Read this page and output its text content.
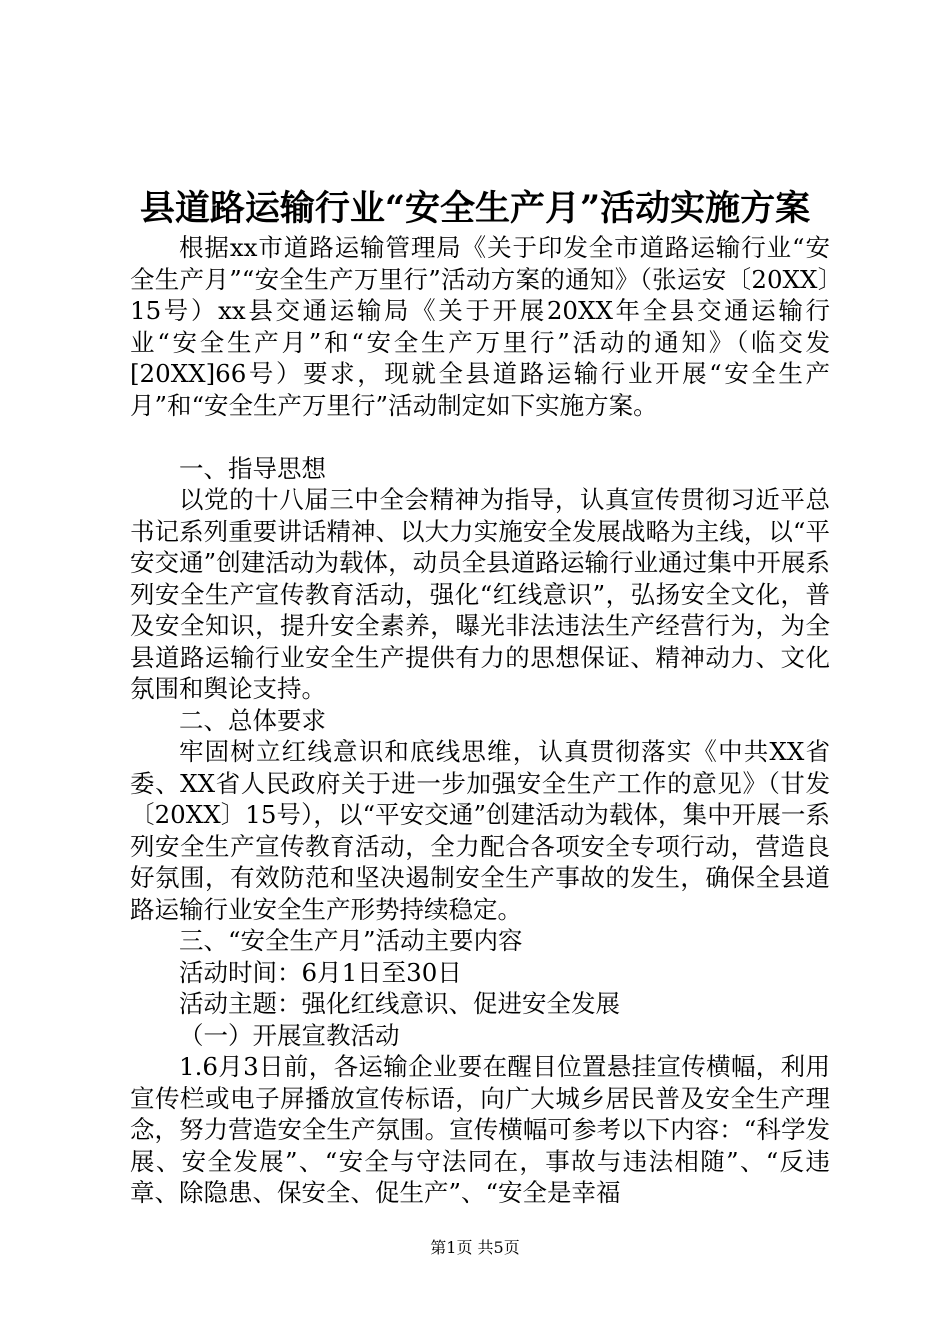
县道路运输行业“安全生产月”活动实施方案

根据xx市道路运输管理局《关于印发全市道路运输行业“安全生产月”“安全生产万里行”活动方案的通知》（张运安〔20XX〕15号）xx县交通运输局《关于开展20XX年全县交通运输行业“安全生产月”和“安全生产万里行”活动的通知》（临交发[20XX]66号）要求，现就全县道路运输行业开展“安全生产月”和“安全生产万里行”活动制定如下实施方案。

一、指导思想

以党的十八届三中全会精神为指导，认真宣传贯彻习近平总书记系列重要讲话精神、以大力实施安全发展战略为主线，以“平安交通”创建活动为载体，动员全县道路运输行业通过集中开展系列安全生产宣传教育活动，强化“红线意识”，弘扬安全文化，普及安全知识，提升安全素养，曝光非法违法生产经营行为，为全县道路运输行业安全生产提供有力的思想保证、精神动力、文化氛围和舆论支持。

二、总体要求

牢固树立红线意识和底线思维，认真贯彻落实《中共XX省委、XX省人民政府关于进一步加强安全生产工作的意见》（甘发〔20XX〕15号），以“平安交通”创建活动为载体，集中开展一系列安全生产宣传教育活动，全力配合各项安全专项行动，营造良好氛围，有效防范和坚决遏制安全生产事故的发生，确保全县道路运输行业安全生产形势持续稳定。

三、“安全生产月”活动主要内容

活动时间：6月1日至30日

活动主题：强化红线意识、促进安全发展

（一）开展宣教活动

1.6月3日前，各运输企业要在醒目位置悬挂宣传横幅，利用宣传栏或电子屏播放宣传标语，向广大城乡居民普及安全生产理念，努力营造安全生产氛围。宣传横幅可参考以下内容：“科学发展、安全发展”、“安全与守法同在，事故与违法相随”、“反违章、除隐患、保安全、促生产”、“安全是幸福

第1页 共5页
